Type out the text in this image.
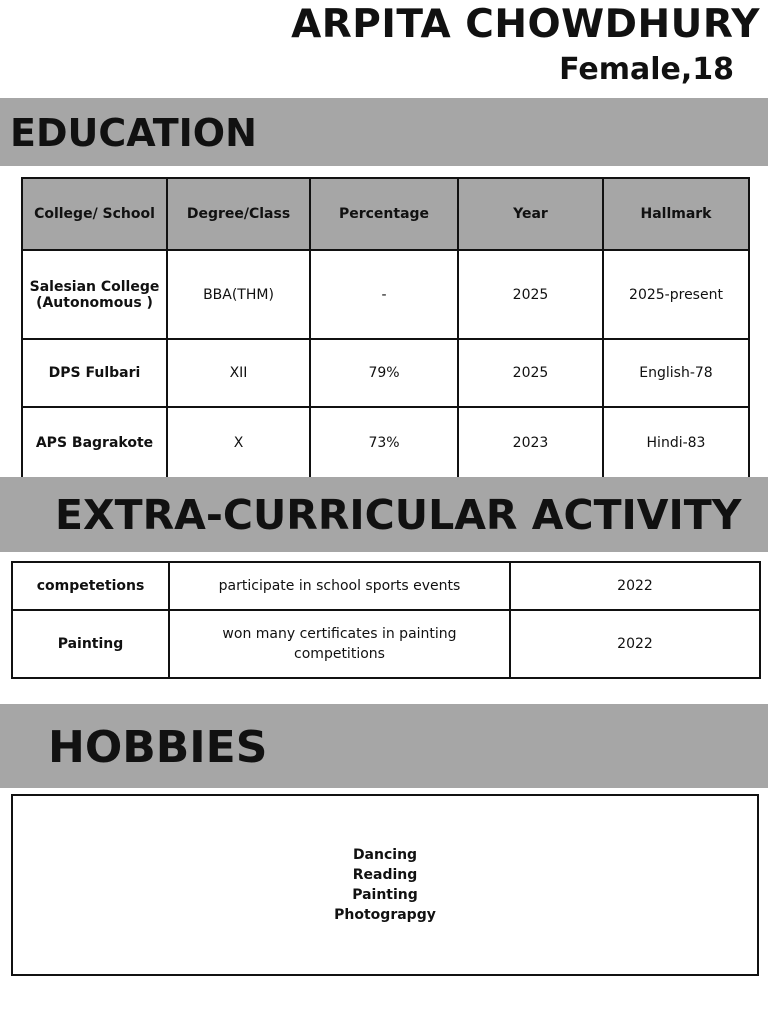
ARPITA CHOWDHURY
Female,18
EDUCATION
College/ School	Degree/Class	Percentage	Year	Hallmark
Salesian College (Autonomous )	BBA(THM)	-	2025	2025-present
DPS Fulbari	XII	79%	2025	English-78
APS Bagrakote	X	73%	2023	Hindi-83
EXTRA-CURRICULAR ACTIVITY
competetions	participate in school sports events	2022
Painting	won many certificates in painting competitions	2022
HOBBIES
Dancing
Reading
Painting
Photograpgy
